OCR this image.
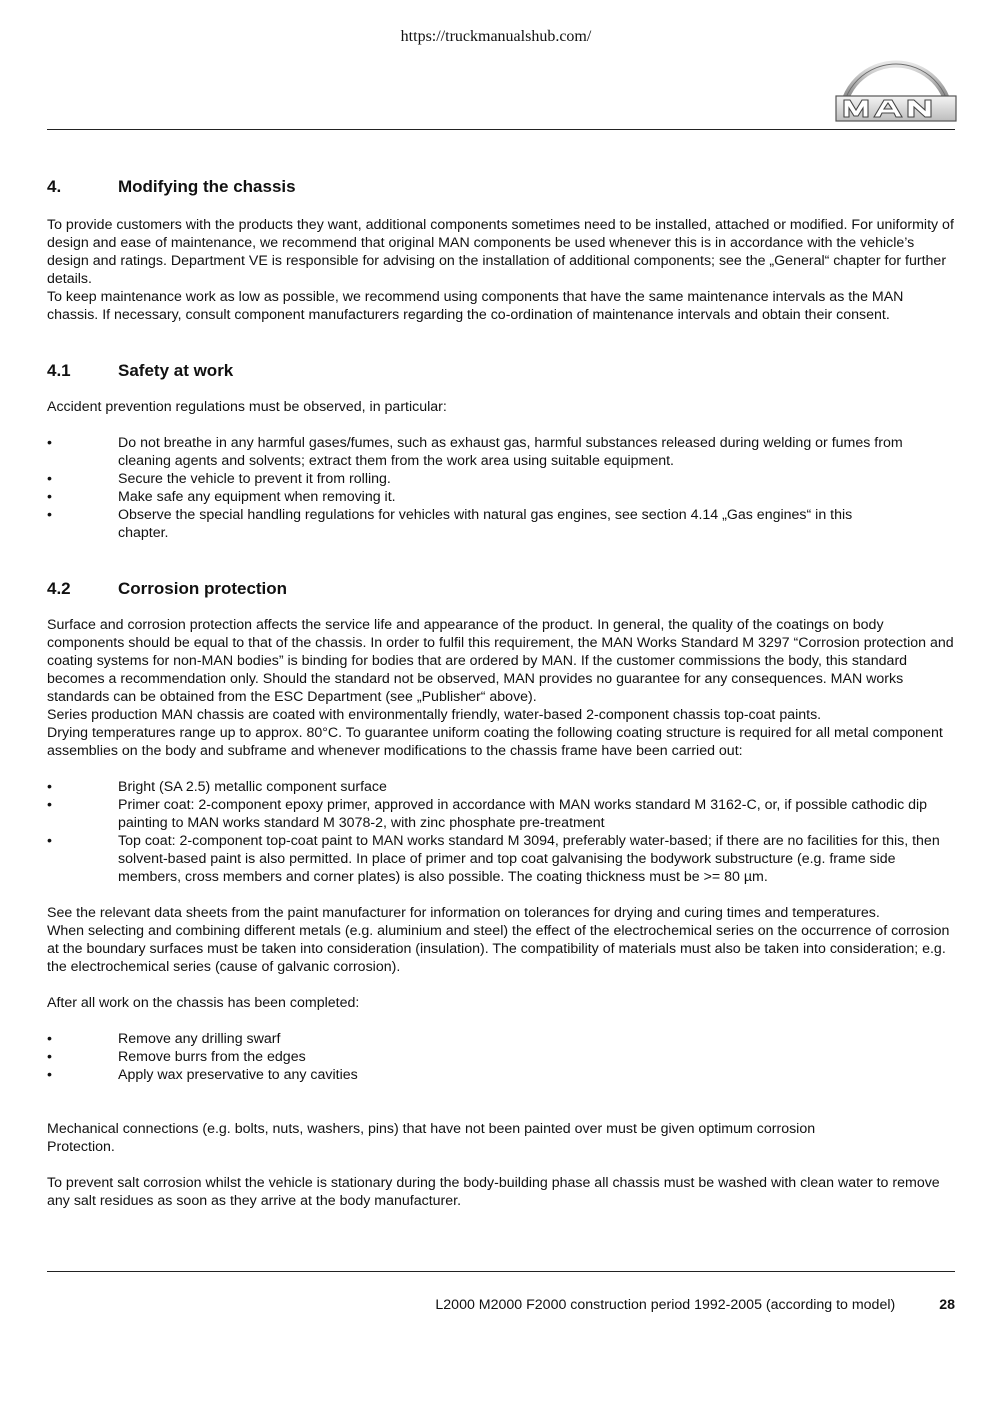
https://truckmanualshub.com/
4.	Modifying the chassis

To provide customers with the products they want, additional components sometimes need to be installed, attached or modified. For uniformity of design and ease of maintenance, we recommend that original MAN components be used whenever this is in accordance with the vehicle’s design and ratings. Department VE is responsible for advising on the installation of additional components; see the „General“ chapter for further details.

To keep maintenance work as low as possible, we recommend using components that have the same maintenance intervals as the MAN chassis. If necessary, consult component manufacturers regarding the co-ordination of maintenance intervals and obtain their consent.

4.1	Safety at work

Accident prevention regulations must be observed, in particular:

•	Do not breathe in any harmful gases/fumes, such as exhaust gas, harmful substances released during welding or fumes from cleaning agents and solvents; extract them from the work area using suitable equipment.
•	Secure the vehicle to prevent it from rolling.
•	Make safe any equipment when removing it.
•	Observe the special handling regulations for vehicles with natural gas engines, see section 4.14 „Gas engines“ in this chapter.
4.2	Corrosion protection

Surface and corrosion protection affects the service life and appearance of the product. In general, the quality of the coatings on body components should be equal to that of the chassis. In order to fulfil this requirement, the MAN Works Standard M 3297 “Corrosion protection and coating systems for non-MAN bodies” is binding for bodies that are ordered by MAN. If the customer commissions the body, this standard becomes a recommendation only. Should the standard not be observed, MAN provides no guarantee for any consequences. MAN works standards can be obtained from the ESC Department (see „Publisher“ above).

Series production MAN chassis are coated with environmentally friendly, water-based 2-component chassis top-coat paints.

Drying temperatures range up to approx. 80°C. To guarantee uniform coating the following coating structure is required for all metal component assemblies on the body and subframe and whenever modifications to the chassis frame have been carried out:

•	Bright (SA 2.5) metallic component surface
•	Primer coat: 2-component epoxy primer, approved in accordance with MAN works standard M 3162-C, or, if possible cathodic dip painting to MAN works standard M 3078-2, with zinc phosphate pre-treatment
•	Top coat: 2-component top-coat paint to MAN works standard M 3094, preferably water-based; if there are no facilities for this, then solvent-based paint is also permitted. In place of primer and top coat galvanising the bodywork substructure (e.g. frame side members, cross members and corner plates) is also possible. The coating thickness must be >= 80 µm.

See the relevant data sheets from the paint manufacturer for information on tolerances for drying and curing times and temperatures.

When selecting and combining different metals (e.g. aluminium and steel) the effect of the electrochemical series on the occurrence of corrosion at the boundary surfaces must be taken into consideration (insulation). The compatibility of materials must also be taken into consideration; e.g. the electrochemical series (cause of galvanic corrosion).

After all work on the chassis has been completed:

•	Remove any drilling swarf
•	Remove burrs from the edges
•	Apply wax preservative to any cavities

Mechanical connections (e.g. bolts, nuts, washers, pins) that have not been painted over must be given optimum corrosion Protection.

To prevent salt corrosion whilst the vehicle is stationary during the body-building phase all chassis must be washed with clean water to remove any salt residues as soon as they arrive at the body manufacturer.

L2000 M2000 F2000 construction period 1992-2005 (according to model)	28
